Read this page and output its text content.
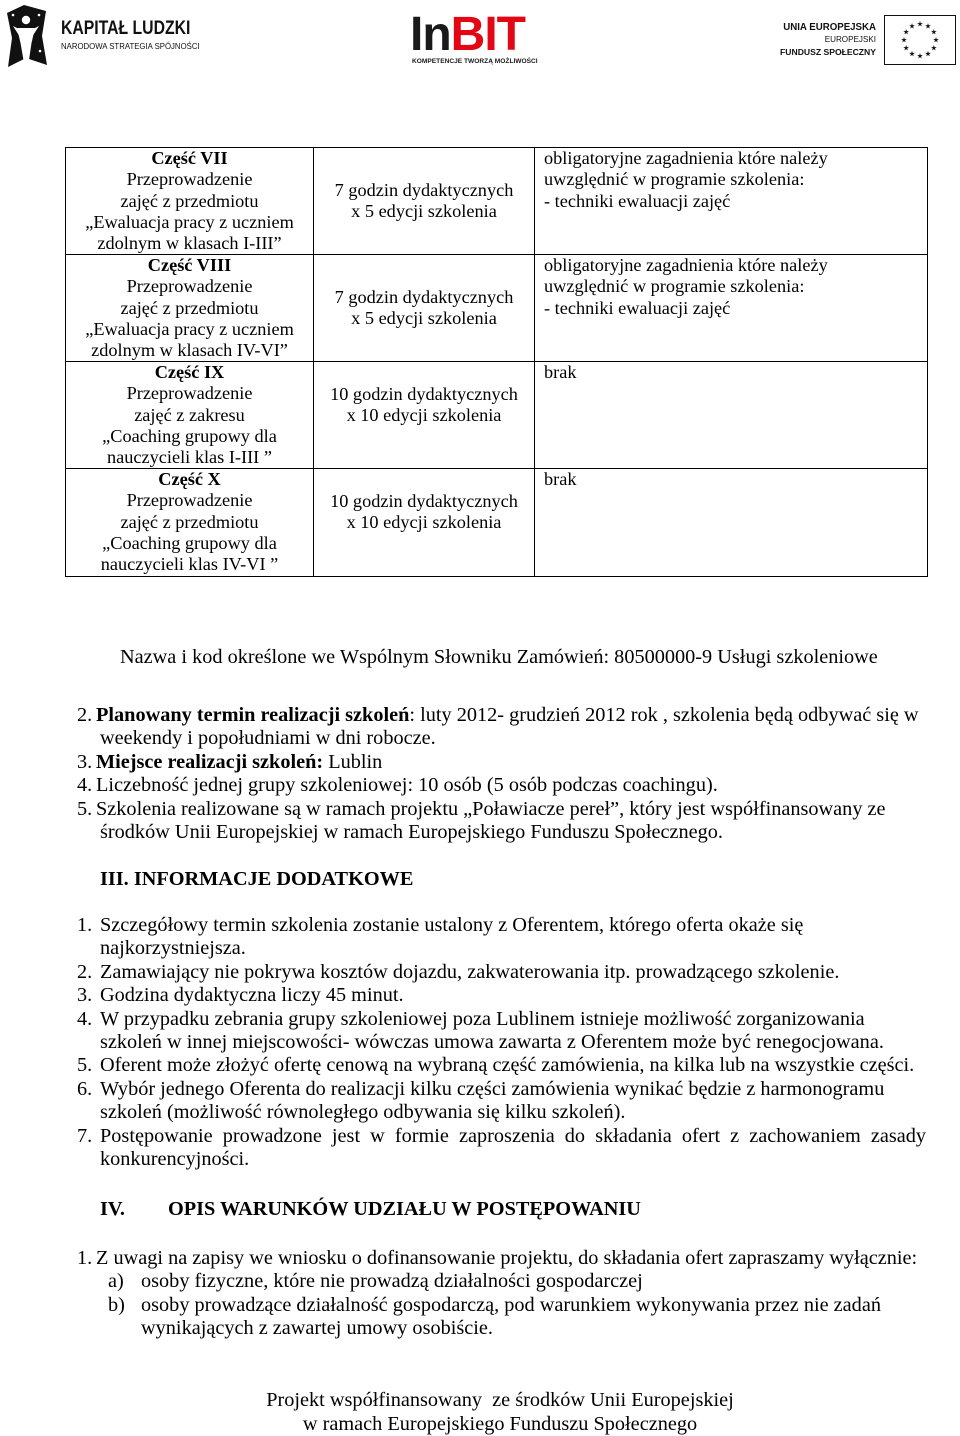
KAPITAŁ LUDZKI
NARODOWA STRATEGIA SPÓJNOŚCI	InBIT
KOMPETENCJE TWORZĄ MOŻLIWOŚCI
UNIA EUROPEJSKA
EUROPEJSKI
FUNDUSZ SPOŁECZNY
Część VII
Przeprowadzenie
zajęć z przedmiotu
„Ewaluacja pracy z uczniem
zdolnym w klasach I-III”
7 godzin dydaktycznych
x 5 edycji szkolenia
obligatoryjne zagadnienia które należy
uwzględnić w programie szkolenia:
- techniki ewaluacji zajęć
Część VIII
Przeprowadzenie
zajęć z przedmiotu
„Ewaluacja pracy z uczniem
zdolnym w klasach IV-VI”
7 godzin dydaktycznych
x 5 edycji szkolenia
obligatoryjne zagadnienia które należy
uwzględnić w programie szkolenia:
- techniki ewaluacji zajęć
Część IX
Przeprowadzenie
zajęć z zakresu
„Coaching grupowy dla
nauczycieli klas I-III ”
10 godzin dydaktycznych
x 10 edycji szkolenia
brak
Część X
Przeprowadzenie
zajęć z przedmiotu
„Coaching grupowy dla
nauczycieli klas IV-VI ”
10 godzin dydaktycznych
x 10 edycji szkolenia
brak
Nazwa i kod określone we Wspólnym Słowniku Zamówień: 80500000-9 Usługi szkoleniowe
2. Planowany termin realizacji szkoleń: luty 2012- grudzień 2012 rok , szkolenia będą odbywać się w
weekendy i popołudniami w dni robocze.
3. Miejsce realizacji szkoleń: Lublin
4. Liczebność jednej grupy szkoleniowej: 10 osób (5 osób podczas coachingu).
5. Szkolenia realizowane są w ramach projektu „Poławiacze pereł”, który jest współfinansowany ze
środków Unii Europejskiej w ramach Europejskiego Funduszu Społecznego.
III. INFORMACJE DODATKOWE
1. Szczegółowy termin szkolenia zostanie ustalony z Oferentem, którego oferta okaże się
najkorzystniejsza.
2. Zamawiający nie pokrywa kosztów dojazdu, zakwaterowania itp. prowadzącego szkolenie.
3. Godzina dydaktyczna liczy 45 minut.
4. W przypadku zebrania grupy szkoleniowej poza Lublinem istnieje możliwość zorganizowania
szkoleń w innej miejscowości- wówczas umowa zawarta z Oferentem może być renegocjowana.
5. Oferent może złożyć ofertę cenową na wybraną część zamówienia, na kilka lub na wszystkie części.
6. Wybór jednego Oferenta do realizacji kilku części zamówienia wynikać będzie z harmonogramu
szkoleń (możliwość równoległego odbywania się kilku szkoleń).
7. Postępowanie prowadzone jest w formie zaproszenia do składania ofert z zachowaniem zasady
konkurencyjności.
IV. OPIS WARUNKÓW UDZIAŁU W POSTĘPOWANIU
1. Z uwagi na zapisy we wniosku o dofinansowanie projektu, do składania ofert zapraszamy wyłącznie:
a) osoby fizyczne, które nie prowadzą działalności gospodarczej
b) osoby prowadzące działalność gospodarczą, pod warunkiem wykonywania przez nie zadań
wynikających z zawartej umowy osobiście.
Projekt współfinansowany  ze środków Unii Europejskiej
w ramach Europejskiego Funduszu Społecznego
